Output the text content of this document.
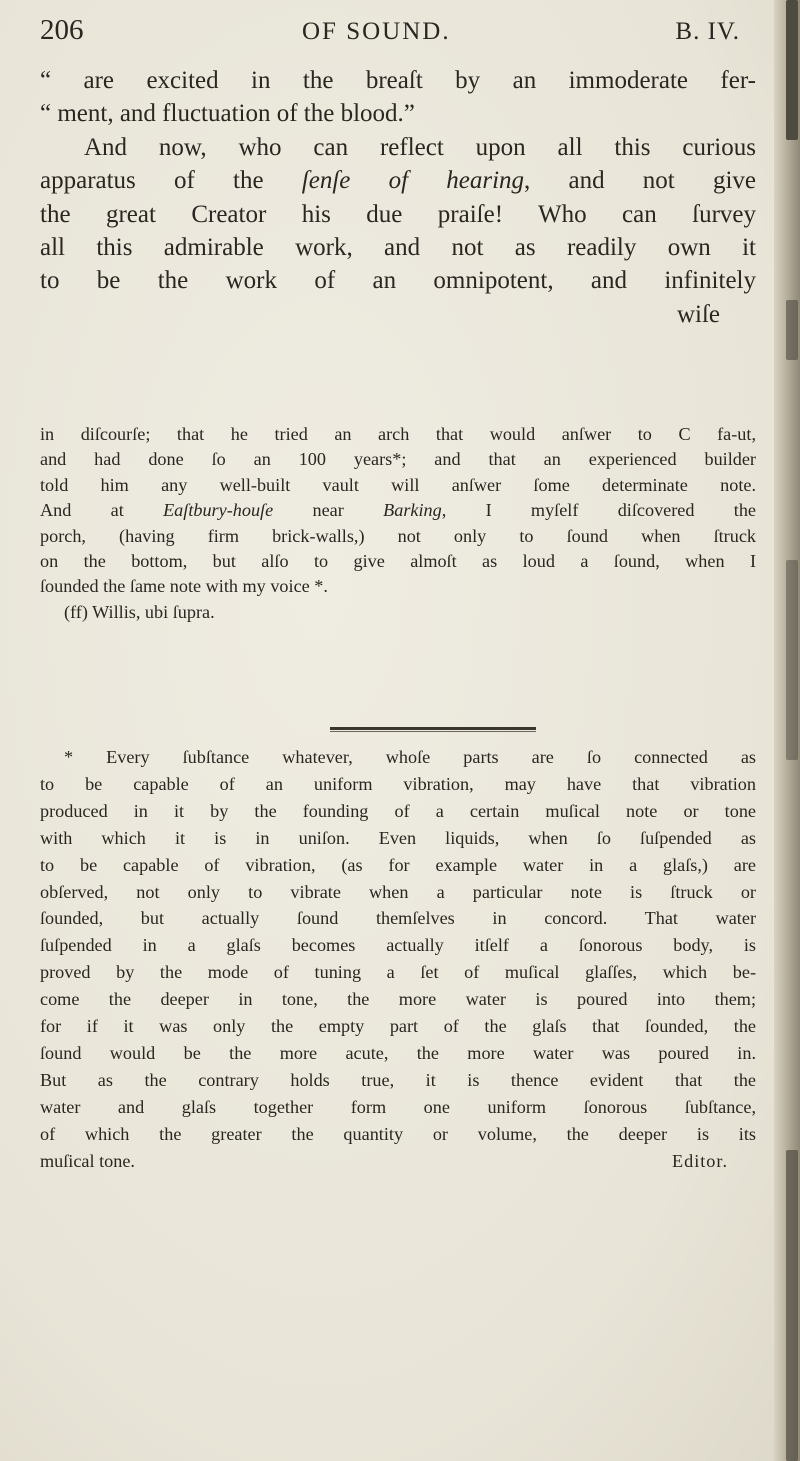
206	OF SOUND.	B. IV.
“ are excited in the breaſt by an immoderate fer-
“ ment, and fluctuation of the blood.”
And now, who can reflect upon all this curious
apparatus of the ſenſe of hearing, and not give
the great Creator his due praiſe! Who can ſurvey
all this admirable work, and not as readily own it
to be the work of an omnipotent, and infinitely
wiſe
in diſcourſe; that he tried an arch that would anſwer to C fa-ut,
and had done ſo an 100 years*; and that an experienced builder
told him any well-built vault will anſwer ſome determinate note.
And at Eaſtbury-houſe near Barking, I myſelf diſcovered the
porch, (having firm brick-walls,) not only to ſound when ſtruck
on the bottom, but alſo to give almoſt as loud a ſound, when I
ſounded the ſame note with my voice *.
(ff) Willis, ubi ſupra.
* Every ſubſtance whatever, whoſe parts are ſo connected as
to be capable of an uniform vibration, may have that vibration
produced in it by the founding of a certain muſical note or tone
with which it is in uniſon. Even liquids, when ſo ſuſpended as
to be capable of vibration, (as for example water in a glaſs,) are
obſerved, not only to vibrate when a particular note is ſtruck or
ſounded, but actually ſound themſelves in concord. That water
ſuſpended in a glaſs becomes actually itſelf a ſonorous body, is
proved by the mode of tuning a ſet of muſical glaſſes, which be-
come the deeper in tone, the more water is poured into them;
for if it was only the empty part of the glaſs that ſounded, the
ſound would be the more acute, the more water was poured in.
But as the contrary holds true, it is thence evident that the
water and glaſs together form one uniform ſonorous ſubſtance,
of which the greater the quantity or volume, the deeper is its
muſical tone.	Editor.
